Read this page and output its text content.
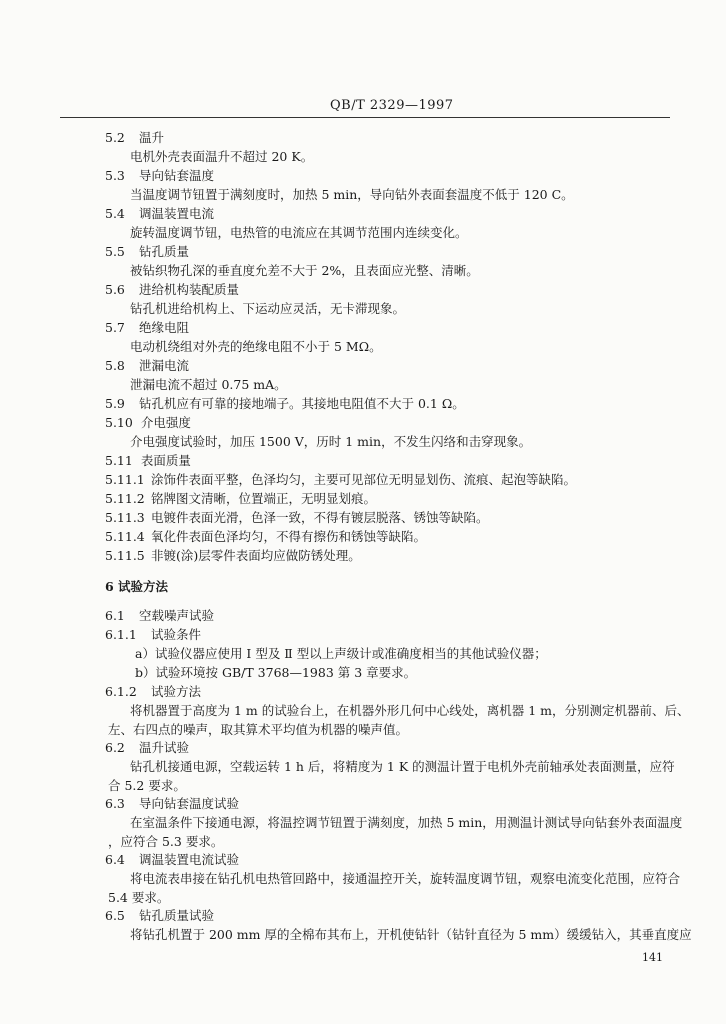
QB/T 2329—1997
5.2 温升
电机外壳表面温升不超过 20 K。
5.3 导向钻套温度
当温度调节钮置于满刻度时，加热 5 min，导向钻外表面套温度不低于 120 C。
5.4 调温装置电流
旋转温度调节钮，电热管的电流应在其调节范围内连续变化。
5.5 钻孔质量
被钻织物孔深的垂直度允差不大于 2%，且表面应光整、清晰。
5.6 进给机构装配质量
钻孔机进给机构上、下运动应灵活，无卡滞现象。
5.7 绝缘电阻
电动机绕组对外壳的绝缘电阻不小于 5 MΩ。
5.8 泄漏电流
泄漏电流不超过 0.75 mA。
5.9 钻孔机应有可靠的接地端子。其接地电阻值不大于 0.1 Ω。
5.10 介电强度
介电强度试验时，加压 1500 V，历时 1 min，不发生闪络和击穿现象。
5.11 表面质量
5.11.1 涂饰件表面平整，色泽均匀，主要可见部位无明显划伤、流痕、起泡等缺陷。
5.11.2 铭牌图文清晰，位置端正，无明显划痕。
5.11.3 电镀件表面光滑，色泽一致，不得有镀层脱落、锈蚀等缺陷。
5.11.4 氧化件表面色泽均匀，不得有擦伤和锈蚀等缺陷。
5.11.5 非镀(涂)层零件表面均应做防锈处理。
6 试验方法
6.1 空载噪声试验
6.1.1 试验条件
a）试验仪器应使用 Ⅰ 型及 Ⅱ 型以上声级计或准确度相当的其他试验仪器；
b）试验环境按 GB/T 3768—1983 第 3 章要求。
6.1.2 试验方法
将机器置于高度为 1 m 的试验台上，在机器外形几何中心线处，离机器 1 m，分别测定机器前、后、
左、右四点的噪声，取其算术平均值为机器的噪声值。
6.2 温升试验
钻孔机接通电源，空载运转 1 h 后，将精度为 1 K 的测温计置于电机外壳前轴承处表面测量，应符
合 5.2 要求。
6.3 导向钻套温度试验
在室温条件下接通电源，将温控调节钮置于满刻度，加热 5 min，用测温计测试导向钻套外表面温度
，应符合 5.3 要求。
6.4 调温装置电流试验
将电流表串接在钻孔机电热管回路中，接通温控开关，旋转温度调节钮，观察电流变化范围，应符合
5.4 要求。
6.5 钻孔质量试验
将钻孔机置于 200 mm 厚的全棉布其布上，开机使钻针（钻针直径为 5 mm）缓缓钻入，其垂直度应
141
